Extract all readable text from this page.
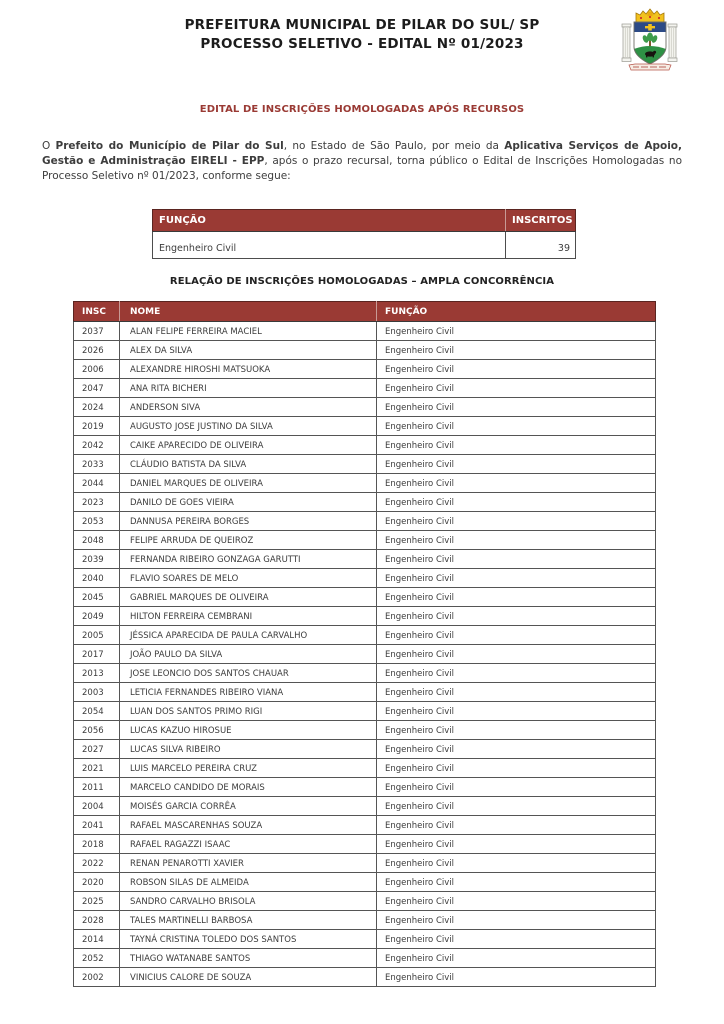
PREFEITURA MUNICIPAL DE PILAR DO SUL/ SP
PROCESSO SELETIVO - EDITAL Nº 01/2023
EDITAL DE INSCRIÇÕES HOMOLOGADAS APÓS RECURSOS

O Prefeito do Município de Pilar do Sul, no Estado de São Paulo, por meio da Aplicativa Serviços de Apoio, Gestão e Administração EIRELI - EPP, após o prazo recursal, torna público o Edital de Inscrições Homologadas no Processo Seletivo nº 01/2023, conforme segue:

FUNÇÃO	INSCRITOS
Engenheiro Civil	39
RELAÇÃO DE INSCRIÇÕES HOMOLOGADAS – AMPLA CONCORRÊNCIA
INSC	NOME	FUNÇÃO
2037	ALAN FELIPE FERREIRA MACIEL	Engenheiro Civil
2026	ALEX DA SILVA	Engenheiro Civil
2006	ALEXANDRE HIROSHI MATSUOKA	Engenheiro Civil
2047	ANA RITA BICHERI	Engenheiro Civil
2024	ANDERSON SIVA	Engenheiro Civil
2019	AUGUSTO JOSE JUSTINO DA SILVA	Engenheiro Civil
2042	CAIKE APARECIDO DE OLIVEIRA	Engenheiro Civil
2033	CLÁUDIO BATISTA DA SILVA	Engenheiro Civil
2044	DANIEL MARQUES DE OLIVEIRA	Engenheiro Civil
2023	DANILO DE GOES VIEIRA	Engenheiro Civil
2053	DANNUSA PEREIRA BORGES	Engenheiro Civil
2048	FELIPE ARRUDA DE QUEIROZ	Engenheiro Civil
2039	FERNANDA RIBEIRO GONZAGA GARUTTI	Engenheiro Civil
2040	FLAVIO SOARES DE MELO	Engenheiro Civil
2045	GABRIEL MARQUES DE OLIVEIRA	Engenheiro Civil
2049	HILTON FERREIRA CEMBRANI	Engenheiro Civil
2005	JÉSSICA APARECIDA DE PAULA CARVALHO	Engenheiro Civil
2017	JOÃO PAULO DA SILVA	Engenheiro Civil
2013	JOSE LEONCIO DOS SANTOS CHAUAR	Engenheiro Civil
2003	LETICIA FERNANDES RIBEIRO VIANA	Engenheiro Civil
2054	LUAN DOS SANTOS PRIMO RIGI	Engenheiro Civil
2056	LUCAS KAZUO HIROSUE	Engenheiro Civil
2027	LUCAS SILVA RIBEIRO	Engenheiro Civil
2021	LUIS MARCELO PEREIRA CRUZ	Engenheiro Civil
2011	MARCELO CANDIDO DE MORAIS	Engenheiro Civil
2004	MOISÉS GARCIA CORRÊA	Engenheiro Civil
2041	RAFAEL MASCARENHAS SOUZA	Engenheiro Civil
2018	RAFAEL RAGAZZI ISAAC	Engenheiro Civil
2022	RENAN PENAROTTI XAVIER	Engenheiro Civil
2020	ROBSON SILAS DE ALMEIDA	Engenheiro Civil
2025	SANDRO CARVALHO BRISOLA	Engenheiro Civil
2028	TALES MARTINELLI BARBOSA	Engenheiro Civil
2014	TAYNÁ CRISTINA TOLEDO DOS SANTOS	Engenheiro Civil
2052	THIAGO WATANABE SANTOS	Engenheiro Civil
2002	VINICIUS CALORE DE SOUZA	Engenheiro Civil
